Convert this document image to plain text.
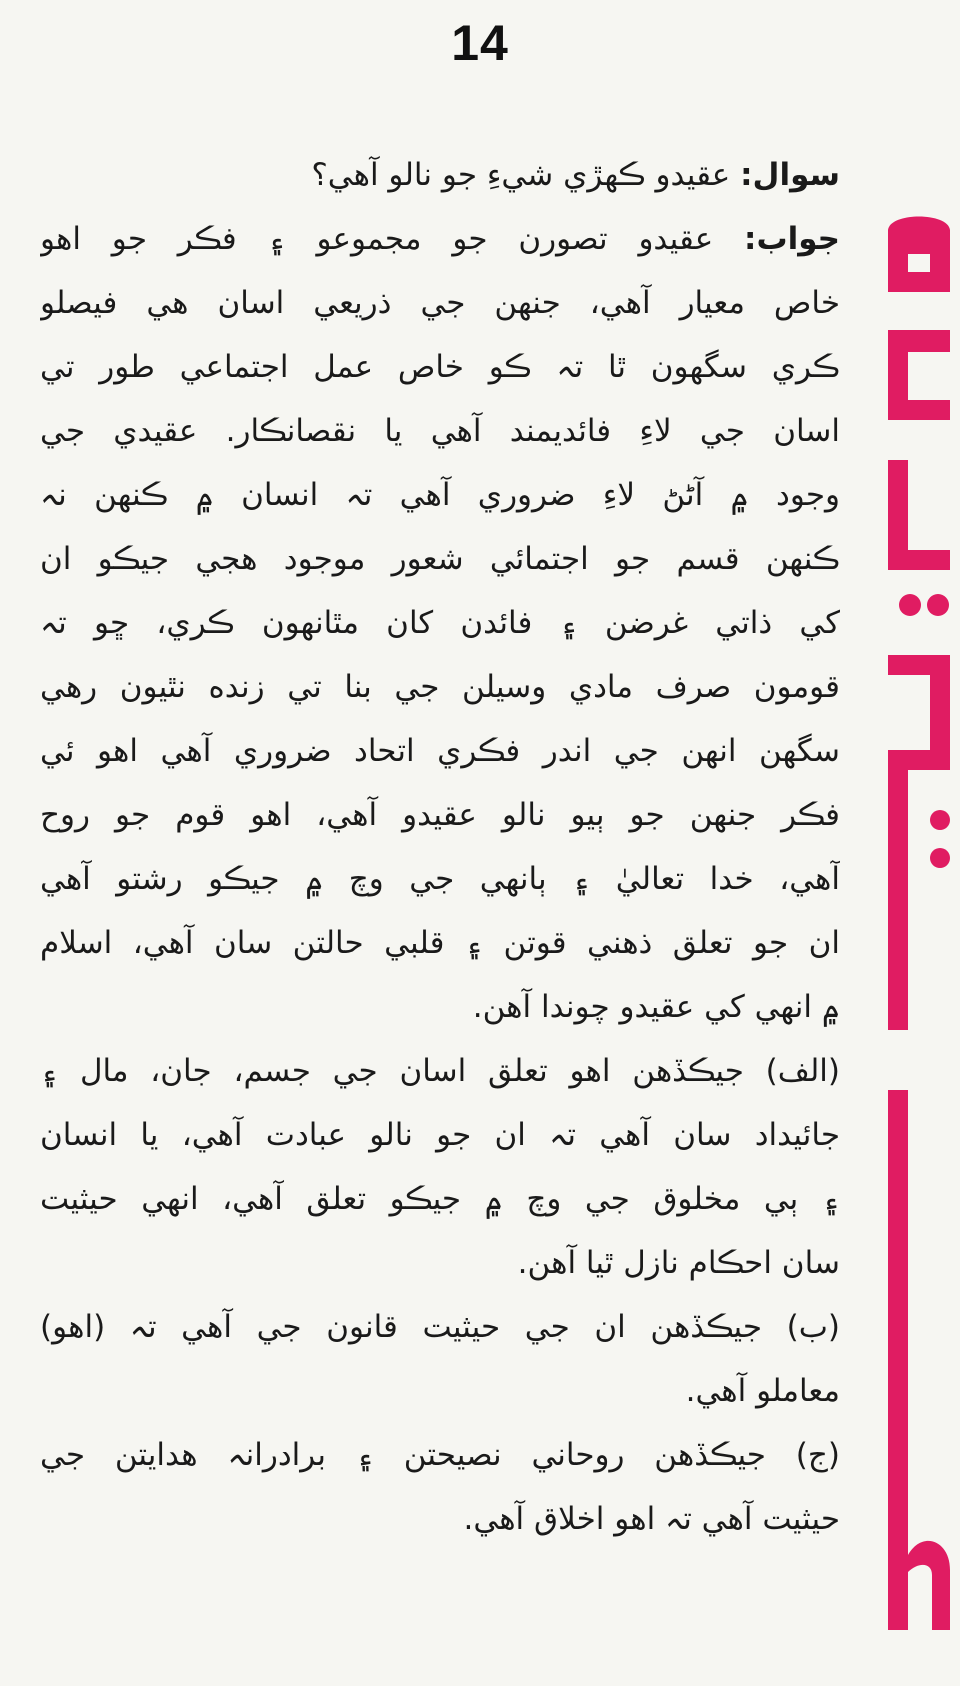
14
سوال: عقيدو ڪهڙي شيءِ جو نالو آهي؟
جواب: عقيدو تصورن جو مجموعو ۽ فڪر جو اهو
خاص معيار آهي، جنهن جي ذريعي اسان هي فيصلو
ڪري سگهون ٿا تہ ڪو خاص عمل اجتماعي طور تي
اسان جي لاءِ فائديمند آهي يا نقصانڪار. عقيدي جي
وجود ۾ آڻڻ لاءِ ضروري آهي تہ انسان ۾ ڪنهن نہ
ڪنهن قسم جو اجتمائي شعور موجود هجي جيڪو ان
کي ذاتي غرضن ۽ فائدن کان مٿانهون ڪري، ڇو تہ
قومون صرف مادي وسيلن جي بنا تي زنده نٿيون رهي
سگهن انهن جي اندر فڪري اتحاد ضروري آهي اهو ئي
فڪر جنهن جو ٻيو نالو عقيدو آهي، اهو قوم جو روح
آهي، خدا تعاليٰ ۽ ٻانهي جي وچ ۾ جيڪو رشتو آهي
ان جو تعلق ذهني قوتن ۽ قلبي حالتن سان آهي، اسلام
۾ انهي کي عقيدو چوندا آهن.
(الف) جيڪڏهن اهو تعلق اسان جي جسم، جان، مال ۽
جائيداد سان آهي تہ ان جو نالو عبادت آهي، يا انسان
۽ ٻي مخلوق جي وچ ۾ جيڪو تعلق آهي، انهي حيثيت
سان احڪام نازل ٿيا آهن.
(ب) جيڪڏهن ان جي حيثيت قانون جي آهي تہ (اهو)
معاملو آهي.
(ج) جيڪڏهن روحاني نصيحتن ۽ برادرانہ هدايتن جي
حيثيت آهي تہ اهو اخلاق آهي.
